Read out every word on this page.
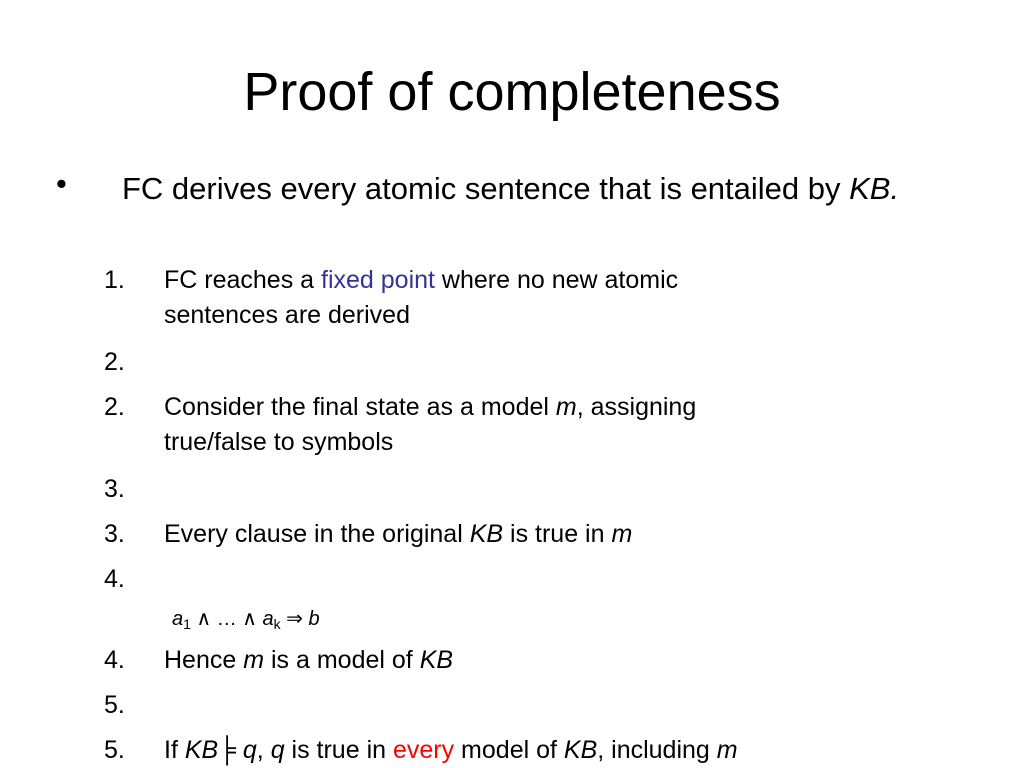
Proof of completeness
• FC derives every atomic sentence that is entailed by KB.
1.	FC reaches a fixed point where no new atomic
sentences are derived
2.
2.	Consider the final state as a model m, assigning
true/false to symbols
3.
3.	Every clause in the original KB is true in m
4.
$a_1$ ∧ … ∧ $a_k$ ⇒ b
4.	Hence m is a model of KB
5.
5.	If KB╞ q, q is true in every model of KB, including m
